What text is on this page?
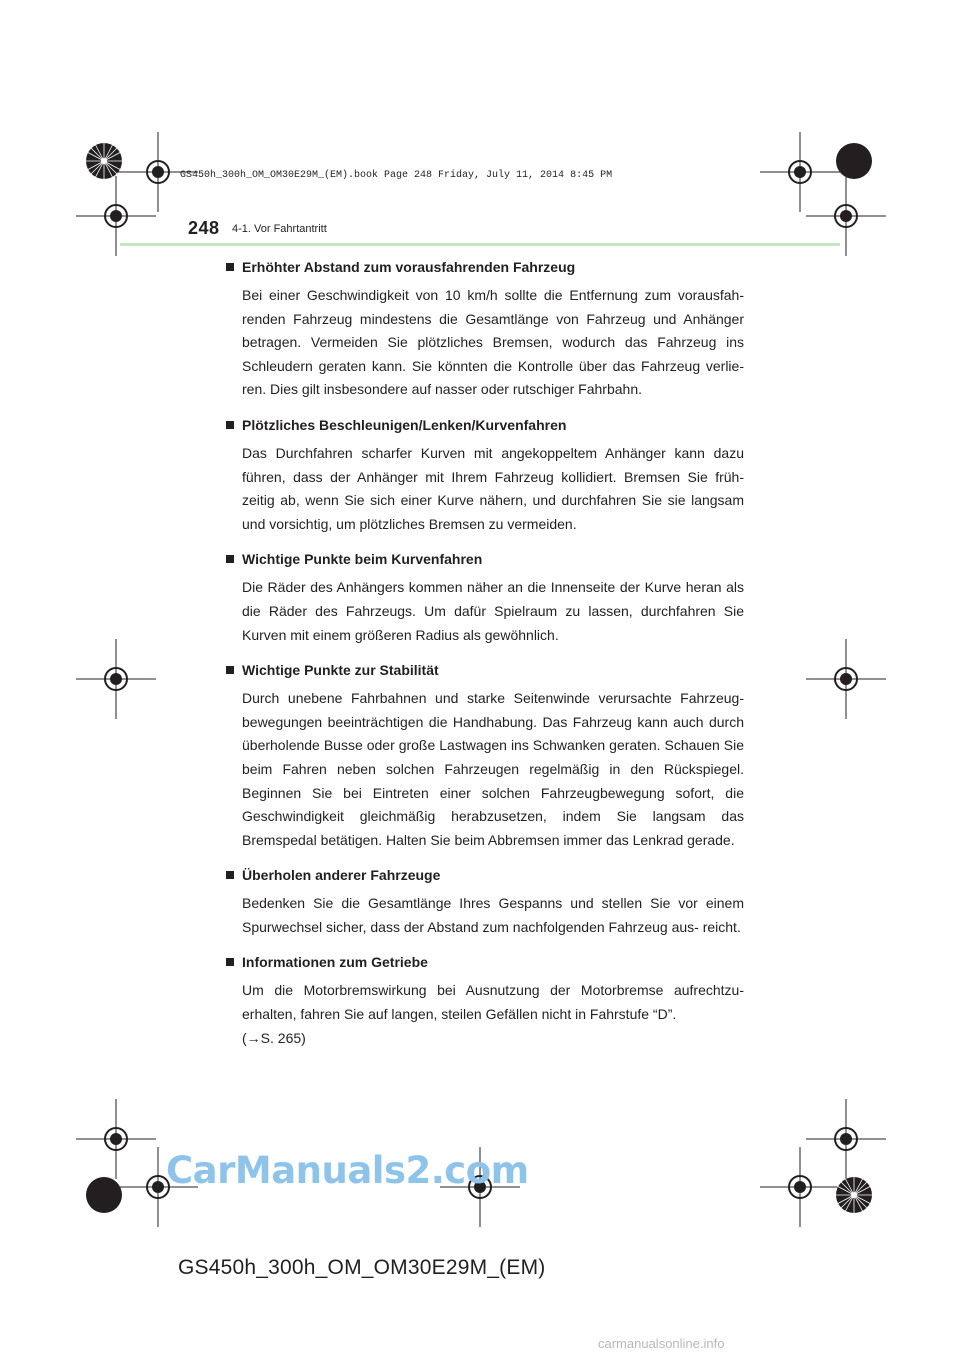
GS450h_300h_OM_OM30E29M_(EM).book Page 248 Friday, July 11, 2014 8:45 PM
248 4-1. Vor Fahrtantritt
Erhöhter Abstand zum vorausfahrenden Fahrzeug

Bei einer Geschwindigkeit von 10 km/h sollte die Entfernung zum vorausfah- renden Fahrzeug mindestens die Gesamtlänge von Fahrzeug und Anhänger betragen. Vermeiden Sie plötzliches Bremsen, wodurch das Fahrzeug ins Schleudern geraten kann. Sie könnten die Kontrolle über das Fahrzeug verlie- ren. Dies gilt insbesondere auf nasser oder rutschiger Fahrbahn.

Plötzliches Beschleunigen/Lenken/Kurvenfahren

Das Durchfahren scharfer Kurven mit angekoppeltem Anhänger kann dazu führen, dass der Anhänger mit Ihrem Fahrzeug kollidiert. Bremsen Sie früh- zeitig ab, wenn Sie sich einer Kurve nähern, und durchfahren Sie sie langsam und vorsichtig, um plötzliches Bremsen zu vermeiden.

Wichtige Punkte beim Kurvenfahren

Die Räder des Anhängers kommen näher an die Innenseite der Kurve heran als die Räder des Fahrzeugs. Um dafür Spielraum zu lassen, durchfahren Sie Kurven mit einem größeren Radius als gewöhnlich.

Wichtige Punkte zur Stabilität

Durch unebene Fahrbahnen und starke Seitenwinde verursachte Fahrzeug- bewegungen beeinträchtigen die Handhabung. Das Fahrzeug kann auch durch überholende Busse oder große Lastwagen ins Schwanken geraten. Schauen Sie beim Fahren neben solchen Fahrzeugen regelmäßig in den Rückspiegel. Beginnen Sie bei Eintreten einer solchen Fahrzeugbewegung sofort, die Geschwindigkeit gleichmäßig herabzusetzen, indem Sie langsam das Bremspedal betätigen. Halten Sie beim Abbremsen immer das Lenkrad gerade.

Überholen anderer Fahrzeuge

Bedenken Sie die Gesamtlänge Ihres Gespanns und stellen Sie vor einem Spurwechsel sicher, dass der Abstand zum nachfolgenden Fahrzeug aus- reicht.

Informationen zum Getriebe

Um die Motorbremswirkung bei Ausnutzung der Motorbremse aufrechtzu- erhalten, fahren Sie auf langen, steilen Gefällen nicht in Fahrstufe “D”.

(→S. 265)
CarManuals2.com
GS450h_300h_OM_OM30E29M_(EM)
carmanualsonline.info
